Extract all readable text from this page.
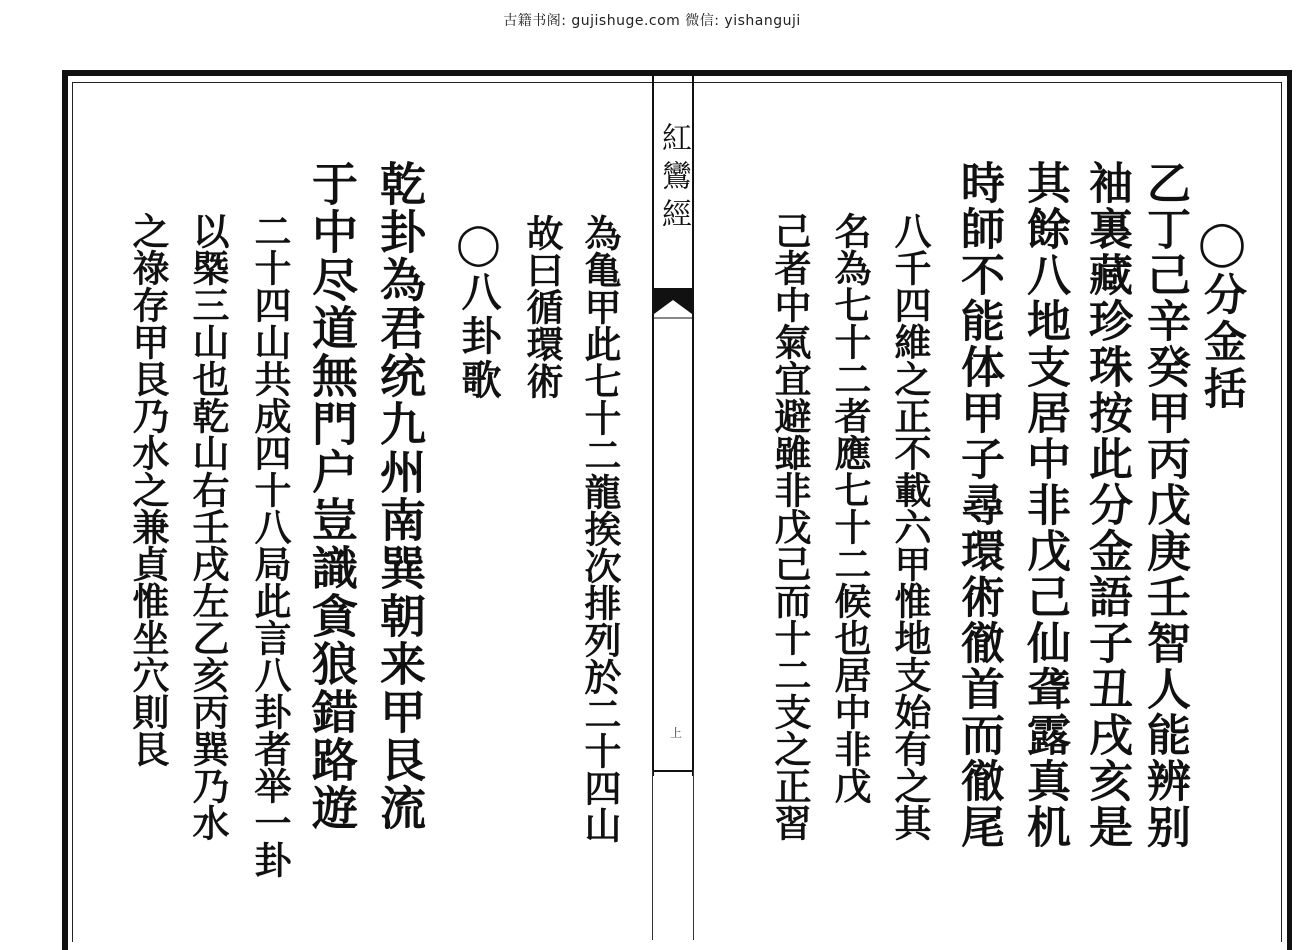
古籍书阁: gujishuge.com 微信: yishanguji
紅鸞經
上
◯分金括
乙丁己辛癸甲丙戊庚壬智人能辨别
袖裏藏珍珠按此分金語子丑戌亥是
其餘八地支居中非戊己仙聋露真机
時師不能体甲子尋環術徹首而徹尾
八千四維之正不載六甲惟地支始有之其
名為七十二者應七十二候也居中非戊
己者中氣宜避雖非戊己而十二支之正習
為亀甲此七十二龍挨次排列於二十四山
故曰循環術
◯八卦歌
乾卦為君统九州南巽朝来甲艮流
于中尽道無門户豈識貪狼錯路遊
二十四山共成四十八局此言八卦者举一卦
以槩三山也乾山右壬戌左乙亥丙巽乃水
之祿存甲艮乃水之兼貞惟坐穴則艮
